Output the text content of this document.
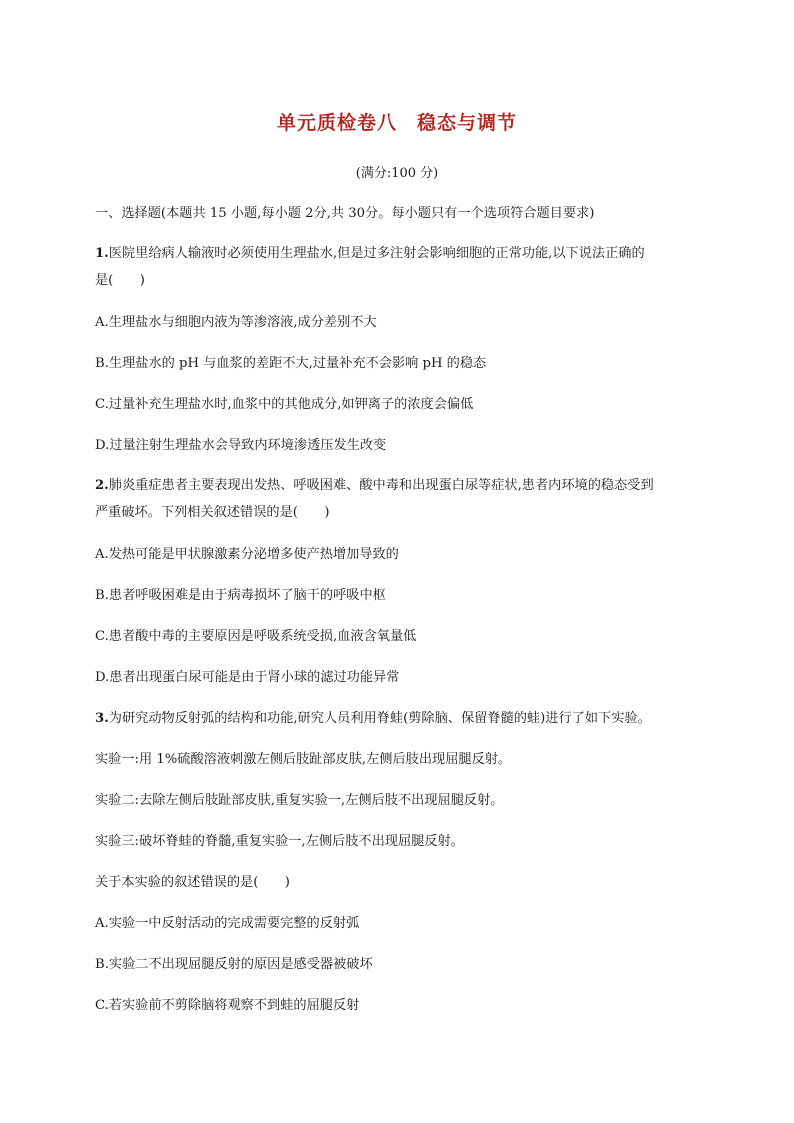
单元质检卷八　稳态与调节
(满分:100 分)
一、选择题(本题共 15 小题,每小题 2分,共 30分。每小题只有一个选项符合题目要求)
1.医院里给病人输液时必须使用生理盐水,但是过多注射会影响细胞的正常功能,以下说法正确的
是(　　)
A.生理盐水与细胞内液为等渗溶液,成分差别不大
B.生理盐水的 pH 与血浆的差距不大,过量补充不会影响 pH 的稳态
C.过量补充生理盐水时,血浆中的其他成分,如钾离子的浓度会偏低
D.过量注射生理盐水会导致内环境渗透压发生改变
2.肺炎重症患者主要表现出发热、呼吸困难、酸中毒和出现蛋白尿等症状,患者内环境的稳态受到
严重破坏。下列相关叙述错误的是(　　)
A.发热可能是甲状腺激素分泌增多使产热增加导致的
B.患者呼吸困难是由于病毒损坏了脑干的呼吸中枢
C.患者酸中毒的主要原因是呼吸系统受损,血液含氧量低
D.患者出现蛋白尿可能是由于肾小球的滤过功能异常
3.为研究动物反射弧的结构和功能,研究人员利用脊蛙(剪除脑、保留脊髓的蛙)进行了如下实验。
实验一:用 1%硫酸溶液刺激左侧后肢趾部皮肤,左侧后肢出现屈腿反射。
实验二:去除左侧后肢趾部皮肤,重复实验一,左侧后肢不出现屈腿反射。
实验三:破坏脊蛙的脊髓,重复实验一,左侧后肢不出现屈腿反射。
关于本实验的叙述错误的是(　　)
A.实验一中反射活动的完成需要完整的反射弧
B.实验二不出现屈腿反射的原因是感受器被破坏
C.若实验前不剪除脑将观察不到蛙的屈腿反射
